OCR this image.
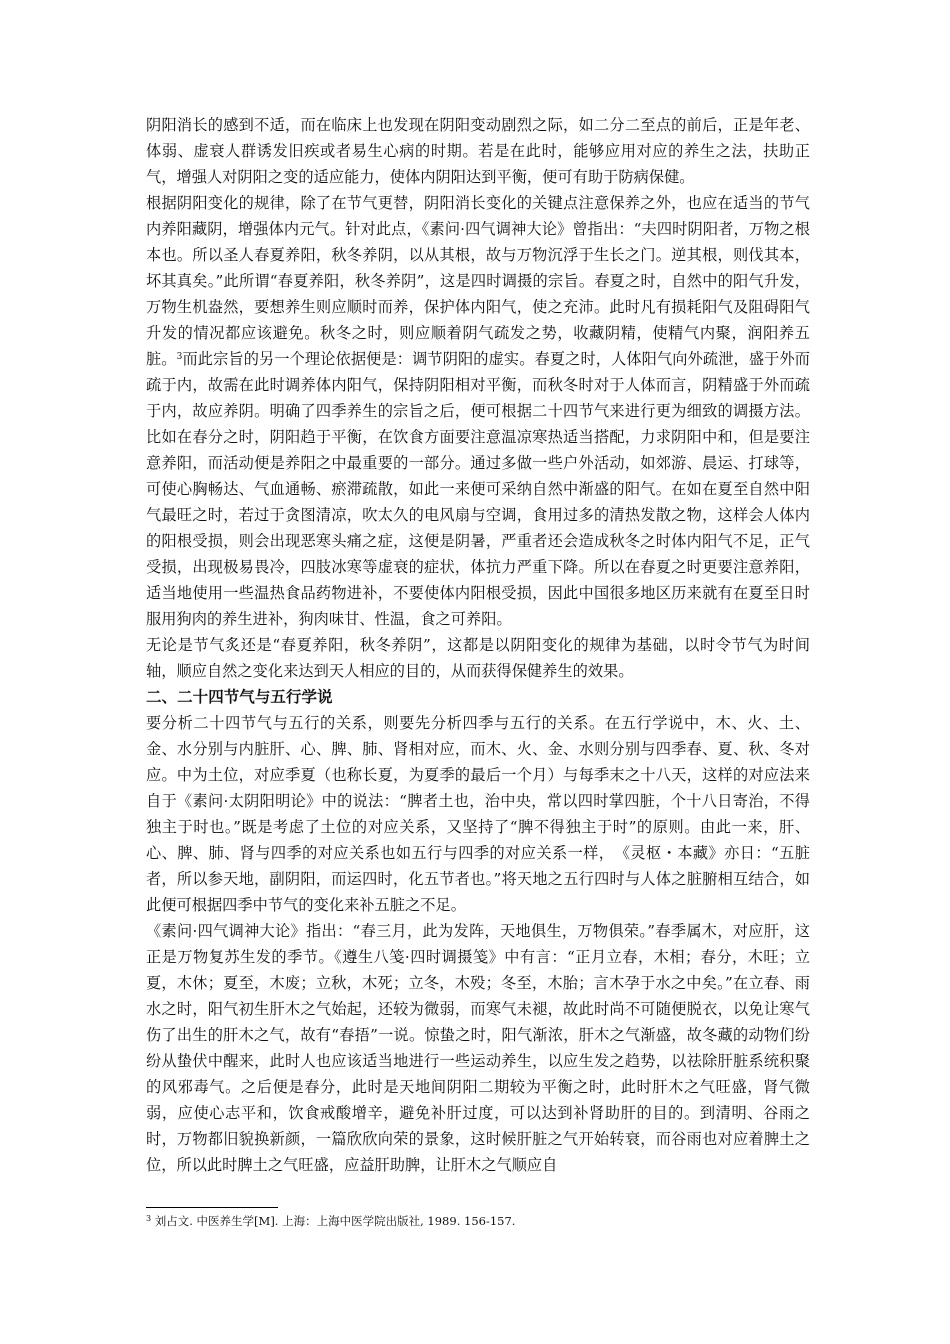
阴阳消长的感到不适，而在临床上也发现在阴阳变动剧烈之际，如二分二至点的前后，正是年老、体弱、虚衰人群诱发旧疾或者易生心病的时期。若是在此时，能够应用对应的养生之法，扶助正气，增强人对阴阳之变的适应能力，使体内阴阳达到平衡，便可有助于防病保健。

根据阴阳变化的规律，除了在节气更替，阴阳消长变化的关键点注意保养之外，也应在适当的节气内养阳藏阴，增强体内元气。针对此点，《素问·四气调神大论》曾指出：“夫四时阴阳者，万物之根本也。所以圣人春夏养阳，秋冬养阴，以从其根，故与万物沉浮于生长之门。逆其根，则伐其本，坏其真矣。”此所谓“春夏养阳，秋冬养阴”，这是四时调摄的宗旨。春夏之时，自然中的阳气升发，万物生机盎然，要想养生则应顺时而养，保护体内阳气，使之充沛。此时凡有损耗阳气及阻碍阳气升发的情况都应该避免。秋冬之时，则应顺着阴气疏发之势，收藏阴精，使精气内聚，润阳养五脏。$^3$而此宗旨的另一个理论依据便是：调节阴阳的虚实。春夏之时，人体阳气向外疏泄，盛于外而疏于内，故需在此时调养体内阳气，保持阴阳相对平衡，而秋冬时对于人体而言，阴精盛于外而疏于内，故应养阴。明确了四季养生的宗旨之后，便可根据二十四节气来进行更为细致的调摄方法。比如在春分之时，阴阳趋于平衡，在饮食方面要注意温凉寒热适当搭配，力求阴阳中和，但是要注意养阳，而活动便是养阳之中最重要的一部分。通过多做一些户外活动，如郊游、晨运、打球等，可使心胸畅达、气血通畅、瘀滞疏散，如此一来便可采纳自然中渐盛的阳气。在如在夏至自然中阳气最旺之时，若过于贪图清凉，吹太久的电风扇与空调，食用过多的清热发散之物，这样会人体内的阳根受损，则会出现恶寒头痛之症，这便是阴暑，严重者还会造成秋冬之时体内阳气不足，正气受损，出现极易畏冷，四肢冰寒等虚衰的症状，体抗力严重下降。所以在春夏之时更要注意养阳，适当地使用一些温热食品药物进补，不要使体内阳根受损，因此中国很多地区历来就有在夏至日时服用狗肉的养生进补，狗肉味甘、性温，食之可养阳。

无论是节气炙还是“春夏养阳，秋冬养阴”，这都是以阴阳变化的规律为基础，以时令节气为时间轴，顺应自然之变化来达到天人相应的目的，从而获得保健养生的效果。

二、二十四节气与五行学说

要分析二十四节气与五行的关系，则要先分析四季与五行的关系。在五行学说中，木、火、土、金、水分别与内脏肝、心、脾、肺、肾相对应，而木、火、金、水则分别与四季春、夏、秋、冬对应。中为土位，对应季夏（也称长夏，为夏季的最后一个月）与每季末之十八天，这样的对应法来自于《素问·太阴阳明论》中的说法：“脾者土也，治中央，常以四时掌四脏，个十八日寄治，不得独主于时也。”既是考虑了土位的对应关系，又坚持了“脾不得独主于时”的原则。由此一来，肝、心、脾、肺、肾与四季的对应关系也如五行与四季的对应关系一样，　《灵枢・本藏》亦日：“五脏者，所以参天地，副阴阳，而运四时，化五节者也。”将天地之五行四时与人体之脏腑相互结合，如此便可根据四季中节气的变化来补五脏之不足。

《素问·四气调神大论》指出：“春三月，此为发阵，天地俱生，万物俱荣。”春季属木，对应肝，这正是万物复苏生发的季节。《遵生八笺·四时调摄笺》中有言：“正月立春，木相；春分，木旺；立夏，木休；夏至，木废；立秋，木死；立冬，木殁；冬至，木胎；言木孕于水之中矣。”在立春、雨水之时，阳气初生肝木之气始起，还较为微弱，而寒气未褪，故此时尚不可随便脱衣，以免让寒气伤了出生的肝木之气，故有“春捂”一说。惊蛰之时，阳气渐浓，肝木之气渐盛，故冬藏的动物们纷纷从蛰伏中醒来，此时人也应该适当地进行一些运动养生，以应生发之趋势，以祛除肝脏系统积聚的风邪毒气。之后便是春分，此时是天地间阴阳二期较为平衡之时，此时肝木之气旺盛，肾气微弱，应使心志平和，饮食戒酸增辛，避免补肝过度，可以达到补肾助肝的目的。到清明、谷雨之时，万物都旧貌换新颜，一篇欣欣向荣的景象，这时候肝脏之气开始转衰，而谷雨也对应着脾土之位，所以此时脾土之气旺盛，应益肝助脾，让肝木之气顺应自

$^3$ 刘占文. 中医养生学[M]. 上海：上海中医学院出版社, 1989. 156-157.
